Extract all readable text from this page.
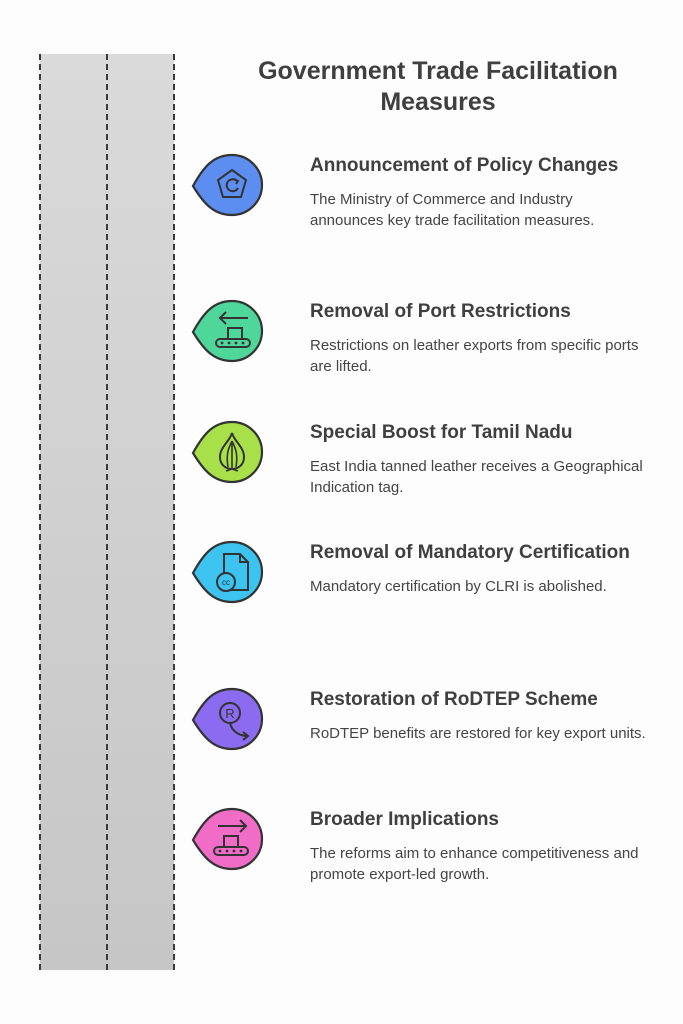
Government Trade Facilitation Measures
Announcement of Policy Changes

The Ministry of Commerce and Industry announces key trade facilitation measures.

Removal of Port Restrictions

Restrictions on leather exports from specific ports are lifted.

Special Boost for Tamil Nadu

East India tanned leather receives a Geographical Indication tag.

cc
Removal of Mandatory Certification

Mandatory certification by CLRI is abolished.

R
Restoration of RoDTEP Scheme

RoDTEP benefits are restored for key export units.

Broader Implications

The reforms aim to enhance competitiveness and promote export-led growth.
